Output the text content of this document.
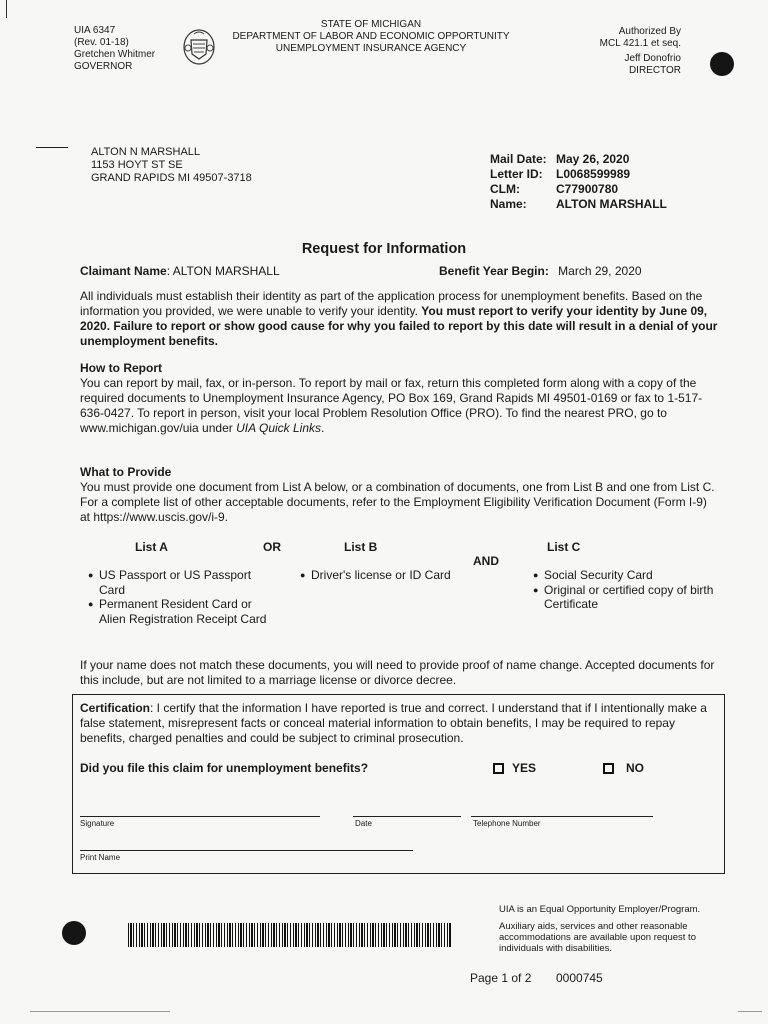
UIA 6347
(Rev. 01-18)
Gretchen Whitmer
GOVERNOR
STATE OF MICHIGAN
DEPARTMENT OF LABOR AND ECONOMIC OPPORTUNITY
UNEMPLOYMENT INSURANCE AGENCY
Authorized By
MCL 421.1 et seq.
Jeff Donofrio
DIRECTOR
ALTON N MARSHALL
1153 HOYT ST SE
GRAND RAPIDS MI 49507-3718
Mail Date: May 26, 2020
Letter ID:	L0068599989
CLM:	C77900780
Name:	ALTON MARSHALL
Request for Information
Claimant Name: ALTON MARSHALL	Benefit Year Begin: March 29, 2020
All individuals must establish their identity as part of the application process for unemployment benefits. Based on the information you provided, we were unable to verify your identity. You must report to verify your identity by June 09, 2020. Failure to report or show good cause for why you failed to report by this date will result in a denial of your unemployment benefits.
How to Report
You can report by mail, fax, or in-person. To report by mail or fax, return this completed form along with a copy of the required documents to Unemployment Insurance Agency, PO Box 169, Grand Rapids MI 49501-0169 or fax to 1-517-636-0427. To report in person, visit your local Problem Resolution Office (PRO). To find the nearest PRO, go to www.michigan.gov/uia under UIA Quick Links.
What to Provide
You must provide one document from List A below, or a combination of documents, one from List B and one from List C. For a complete list of other acceptable documents, refer to the Employment Eligibility Verification Document (Form I-9) at https://www.uscis.gov/i-9.
List A	OR	List B
AND
List C
● US Passport or US Passport Card
● Permanent Resident Card or Alien Registration Receipt Card
● Driver's license or ID Card	● Social Security Card
● Original or certified copy of birth Certificate
If your name does not match these documents, you will need to provide proof of name change. Accepted documents for this include, but are not limited to a marriage license or divorce decree.
Certification: I certify that the information I have reported is true and correct. I understand that if I intentionally make a false statement, misrepresent facts or conceal material information to obtain benefits, I may be required to repay benefits, charged penalties and could be subject to criminal prosecution.
Did you file this claim for unemployment benefits?	YES	NO
Signature	Date	Telephone Number
Print Name
UIA is an Equal Opportunity Employer/Program.
Auxiliary aids, services and other reasonable accommodations are available upon request to individuals with disabilities.
Page 1 of 2 0000745
